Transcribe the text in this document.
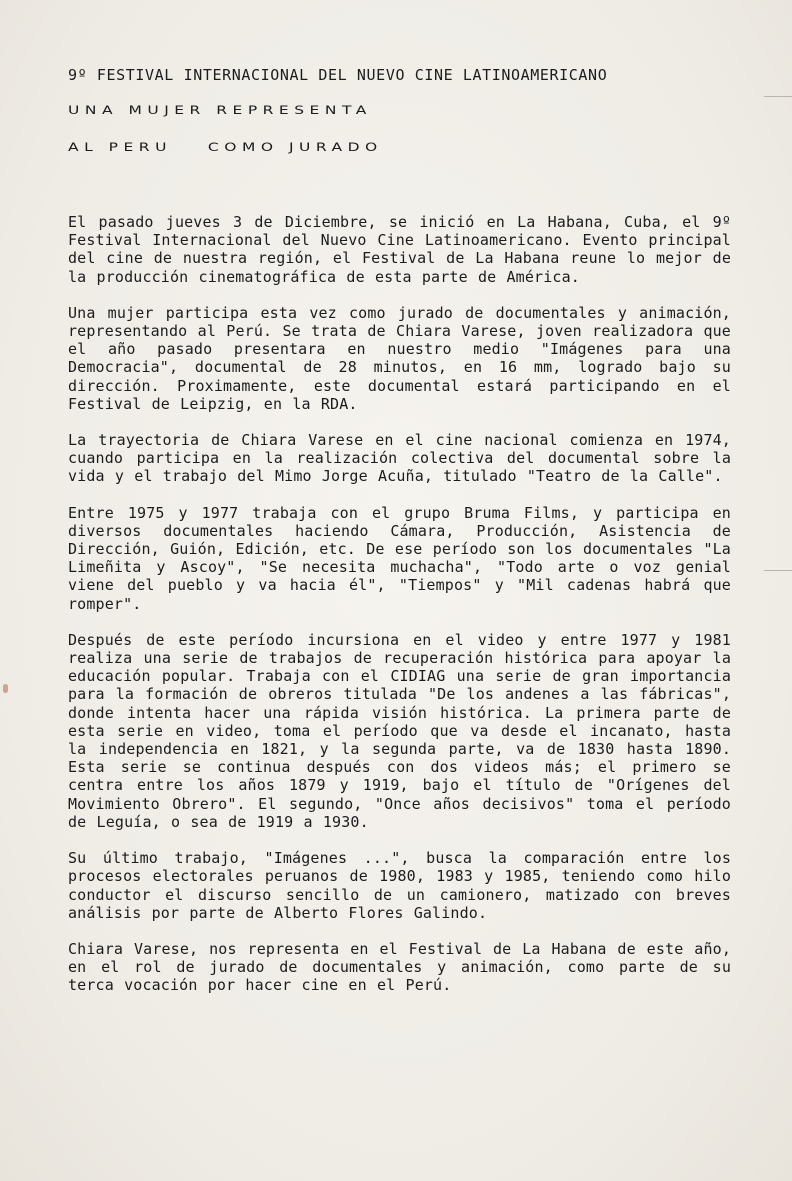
9º FESTIVAL INTERNACIONAL DEL NUEVO CINE LATINOAMERICANO
UNA MUJER REPRESENTA
AL PERU COMO JURADO

El pasado jueves 3 de Diciembre, se inició en La Habana, Cuba, el 9º Festival Internacional del Nuevo Cine Latinoamericano. Evento principal del cine de nuestra región, el Festival de La Habana reune lo mejor de la producción cinematográfica de esta parte de América.

Una mujer participa esta vez como jurado de documentales y animación, representando al Perú. Se trata de Chiara Varese, joven realizadora que el año pasado presentara en nuestro medio "Imágenes para una Democracia", documental de 28 minutos, en 16 mm, logrado bajo su dirección. Proximamente, este documental estará participando en el Festival de Leipzig, en la RDA.

La trayectoria de Chiara Varese en el cine nacional comienza en 1974, cuando participa en la realización colectiva del documental sobre la vida y el trabajo del Mimo Jorge Acuña, titulado "Teatro de la Calle".

Entre 1975 y 1977 trabaja con el grupo Bruma Films, y participa en diversos documentales haciendo Cámara, Producción, Asistencia de Dirección, Guión, Edición, etc. De ese período son los documentales "La Limeñita y Ascoy", "Se necesita muchacha", "Todo arte o voz genial viene del pueblo y va hacia él", "Tiempos" y "Mil cadenas habrá que romper".

Después de este período incursiona en el video y entre 1977 y 1981 realiza una serie de trabajos de recuperación histórica para apoyar la educación popular. Trabaja con el CIDIAG una serie de gran importancia para la formación de obreros titulada "De los andenes a las fábricas", donde intenta hacer una rápida visión histórica. La primera parte de esta serie en video, toma el período que va desde el incanato, hasta la independencia en 1821, y la segunda parte, va de 1830 hasta 1890. Esta serie se continua después con dos videos más; el primero se centra entre los años 1879 y 1919, bajo el título de "Orígenes del Movimiento Obrero". El segundo, "Once años decisivos" toma el período de Leguía, o sea de 1919 a 1930.

Su último trabajo, "Imágenes ...", busca la comparación entre los procesos electorales peruanos de 1980, 1983 y 1985, teniendo como hilo conductor el discurso sencillo de un camionero, matizado con breves análisis por parte de Alberto Flores Galindo.

Chiara Varese, nos representa en el Festival de La Habana de este año, en el rol de jurado de documentales y animación, como parte de su terca vocación por hacer cine en el Perú.
